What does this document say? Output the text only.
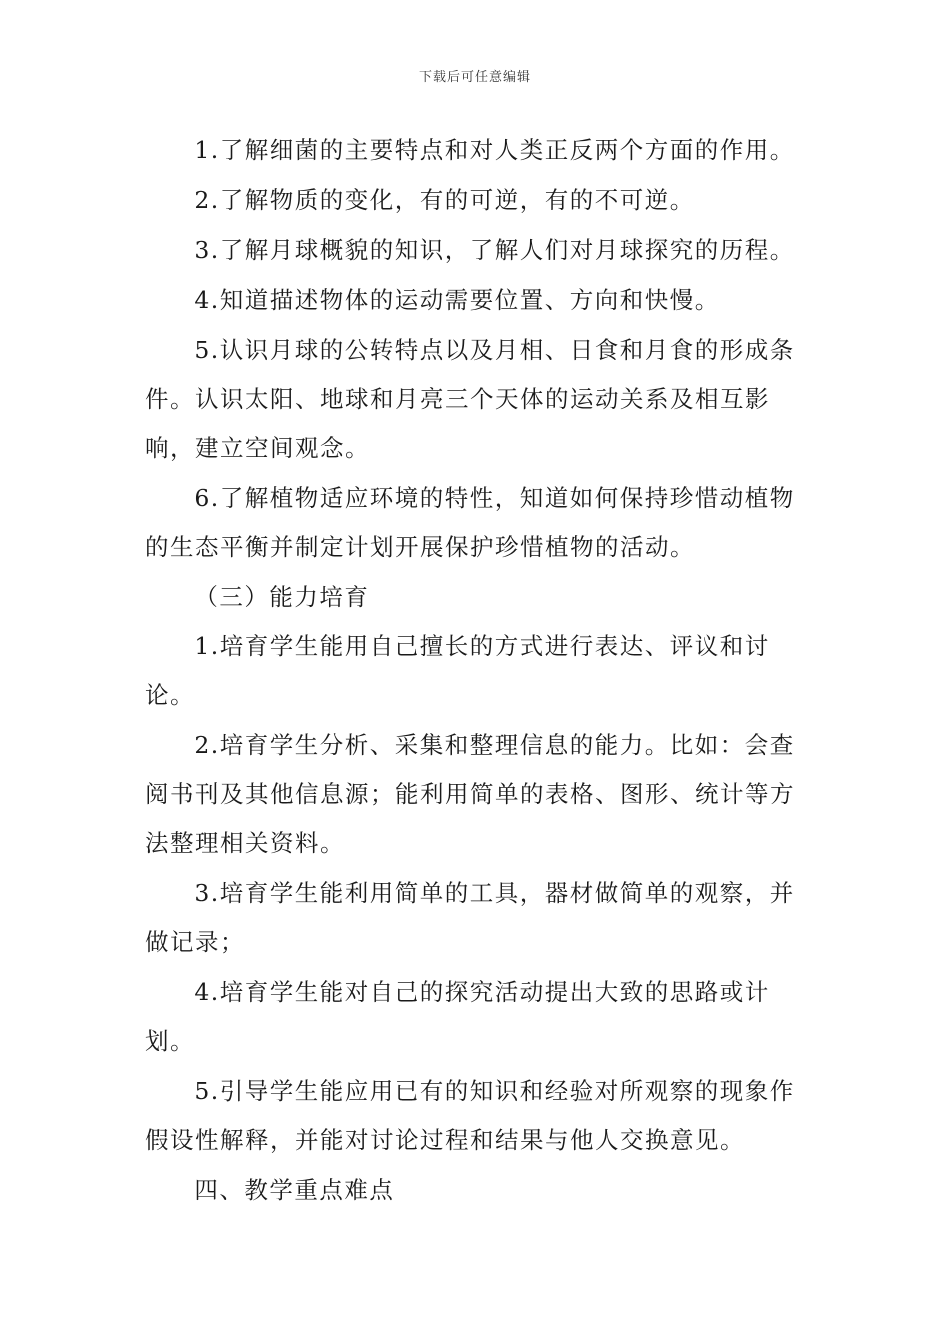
下载后可任意编辑

1.了解细菌的主要特点和对人类正反两个方面的作用。

2.了解物质的变化，有的可逆，有的不可逆。

3.了解月球概貌的知识，了解人们对月球探究的历程。

4.知道描述物体的运动需要位置、方向和快慢。

5.认识月球的公转特点以及月相、日食和月食的形成条件。认识太阳、地球和月亮三个天体的运动关系及相互影响，建立空间观念。

6.了解植物适应环境的特性，知道如何保持珍惜动植物的生态平衡并制定计划开展保护珍惜植物的活动。

（三）能力培育

1.培育学生能用自己擅长的方式进行表达、评议和讨论。

2.培育学生分析、采集和整理信息的能力。比如：会查阅书刊及其他信息源；能利用简单的表格、图形、统计等方法整理相关资料。

3.培育学生能利用简单的工具，器材做简单的观察，并做记录；

4.培育学生能对自己的探究活动提出大致的思路或计划。

5.引导学生能应用已有的知识和经验对所观察的现象作假设性解释，并能对讨论过程和结果与他人交换意见。

四、教学重点难点
